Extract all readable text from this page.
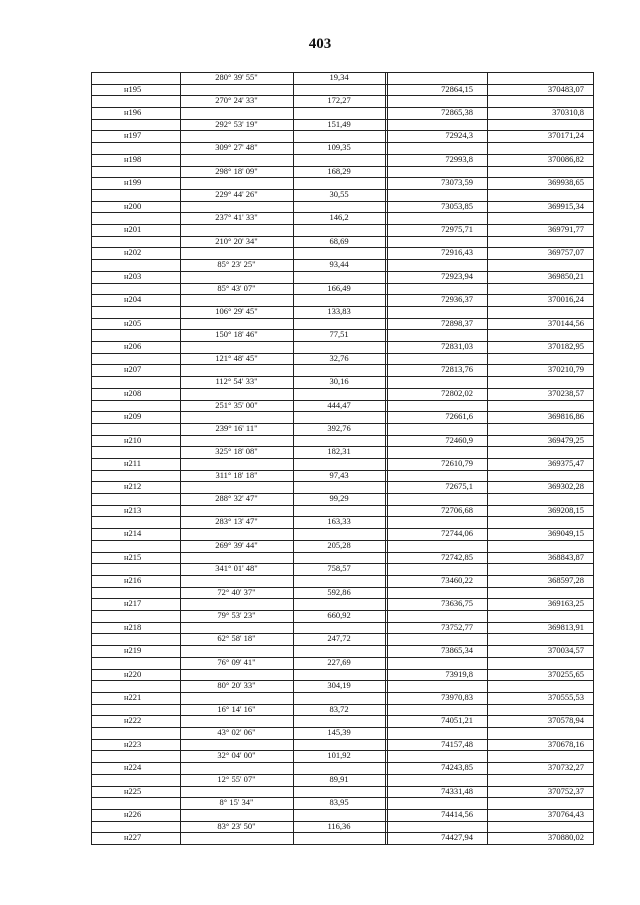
403
280° 39' 55"	19,34
н195	72864,15	370483,07
270° 24' 33"	172,27
н196	72865,38	370310,8
292° 53' 19"	151,49
н197	72924,3	370171,24
309° 27' 48"	109,35
н198	72993,8	370086,82
298° 18' 09"	168,29
н199	73073,59	369938,65
229° 44' 26"	30,55
н200	73053,85	369915,34
237° 41' 33"	146,2
н201	72975,71	369791,77
210° 20' 34"	68,69
н202	72916,43	369757,07
85° 23' 25"	93,44
н203	72923,94	369850,21
85° 43' 07"	166,49
н204	72936,37	370016,24
106° 29' 45"	133,83
н205	72898,37	370144,56
150° 18' 46"	77,51
н206	72831,03	370182,95
121° 48' 45"	32,76
н207	72813,76	370210,79
112° 54' 33"	30,16
н208	72802,02	370238,57
251° 35' 00"	444,47
н209	72661,6	369816,86
239° 16' 11"	392,76
н210	72460,9	369479,25
325° 18' 08"	182,31
н211	72610,79	369375,47
311° 18' 18"	97,43
н212	72675,1	369302,28
288° 32' 47"	99,29
н213	72706,68	369208,15
283° 13' 47"	163,33
н214	72744,06	369049,15
269° 39' 44"	205,28
н215	72742,85	368843,87
341° 01' 48"	758,57
н216	73460,22	368597,28
72° 40' 37"	592,86
н217	73636,75	369163,25
79° 53' 23"	660,92
н218	73752,77	369813,91
62° 58' 18"	247,72
н219	73865,34	370034,57
76° 09' 41"	227,69
н220	73919,8	370255,65
80° 20' 33"	304,19
н221	73970,83	370555,53
16° 14' 16"	83,72
н222	74051,21	370578,94
43° 02' 06"	145,39
н223	74157,48	370678,16
32° 04' 00"	101,92
н224	74243,85	370732,27
12° 55' 07"	89,91
н225	74331,48	370752,37
8° 15' 34"	83,95
н226	74414,56	370764,43
83° 23' 50"	116,36
н227	74427,94	370880,02
